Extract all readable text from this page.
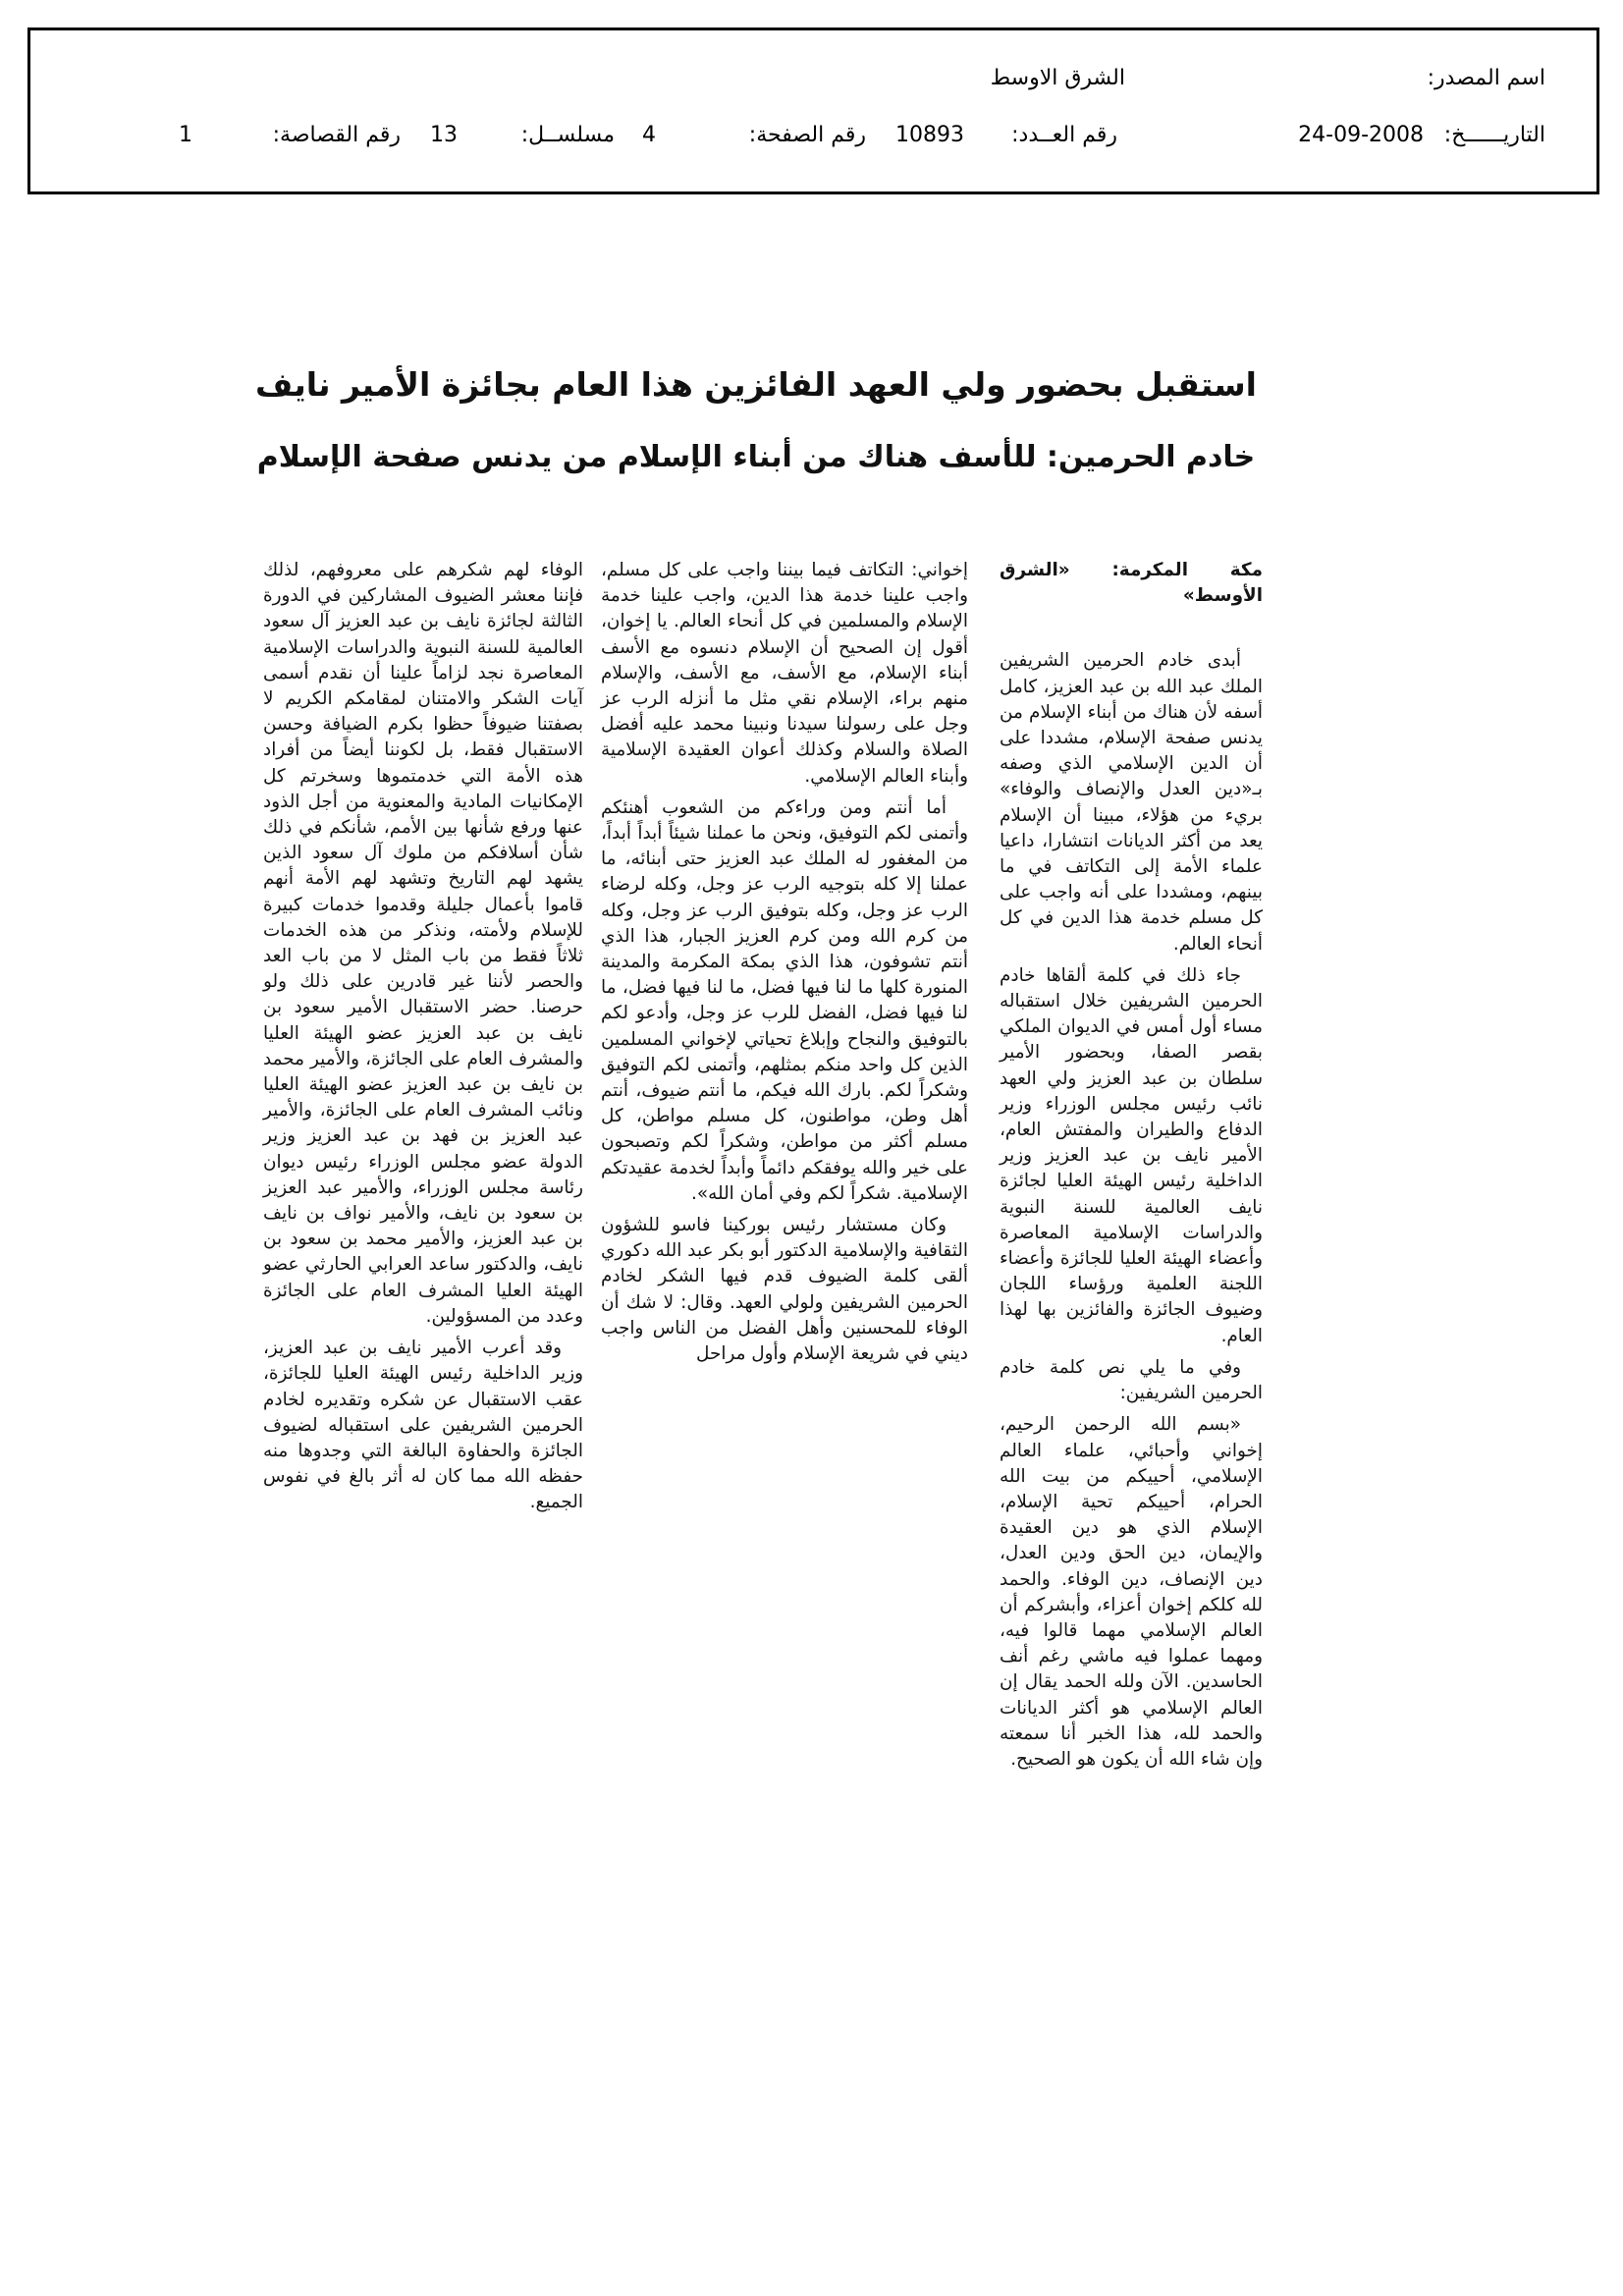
اسم المصدر:
الشرق الاوسط
التاريــــــخ:
24-09-2008
رقم العــدد:
10893
رقم الصفحة:
4
مسلســل:
13
رقم القصاصة:
1
استقبل بحضور ولي العهد الفائزين هذا العام بجائزة الأمير نايف
خادم الحرمين: للأسف هناك من أبناء الإسلام من يدنس صفحة الإسلام

مكة المكرمة: «الشرق الأوسط»

أبدى خادم الحرمين الشريفين الملك عبد الله بن عبد العزيز، كامل أسفه لأن هناك من أبناء الإسلام من يدنس صفحة الإسلام، مشددا على أن الدين الإسلامي الذي وصفه بـ«دين العدل والإنصاف والوفاء» بريء من هؤلاء، مبينا أن الإسلام يعد من أكثر الديانات انتشارا، داعيا علماء الأمة إلى التكاتف في ما بينهم، ومشددا على أنه واجب على كل مسلم خدمة هذا الدين في كل أنحاء العالم.

جاء ذلك في كلمة ألقاها خادم الحرمين الشريفين خلال استقباله مساء أول أمس في الديوان الملكي بقصر الصفا، وبحضور الأمير سلطان بن عبد العزيز ولي العهد نائب رئيس مجلس الوزراء وزير الدفاع والطيران والمفتش العام، الأمير نايف بن عبد العزيز وزير الداخلية رئيس الهيئة العليا لجائزة نايف العالمية للسنة النبوية والدراسات الإسلامية المعاصرة وأعضاء الهيئة العليا للجائزة وأعضاء اللجنة العلمية ورؤساء اللجان وضيوف الجائزة والفائزين بها لهذا العام.

وفي ما يلي نص كلمة خادم الحرمين الشريفين:

«بسم الله الرحمن الرحيم، إخواني وأحبائي، علماء العالم الإسلامي، أحييكم من بيت الله الحرام، أحييكم تحية الإسلام، الإسلام الذي هو دين العقيدة والإيمان، دين الحق ودين العدل، دين الإنصاف، دين الوفاء. والحمد لله كلكم إخوان أعزاء، وأبشركم أن العالم الإسلامي مهما قالوا فيه، ومهما عملوا فيه ماشي رغم أنف الحاسدين. الآن ولله الحمد يقال إن العالم الإسلامي هو أكثر الديانات والحمد لله، هذا الخبر أنا سمعته وإن شاء الله أن يكون هو الصحيح.

إخواني: التكاتف فيما بيننا واجب على كل مسلم، واجب علينا خدمة هذا الدين، واجب علينا خدمة الإسلام والمسلمين في كل أنحاء العالم. يا إخوان، أقول إن الصحيح أن الإسلام دنسوه مع الأسف أبناء الإسلام، مع الأسف، مع الأسف، والإسلام منهم براء، الإسلام نقي مثل ما أنزله الرب عز وجل على رسولنا سيدنا ونبينا محمد عليه أفضل الصلاة والسلام وكذلك أعوان العقيدة الإسلامية وأبناء العالم الإسلامي.

أما أنتم ومن وراءكم من الشعوب أهنئكم وأتمنى لكم التوفيق، ونحن ما عملنا شيئاً أبداً أبداً، من المغفور له الملك عبد العزيز حتى أبنائه، ما عملنا إلا كله بتوجيه الرب عز وجل، وكله لرضاء الرب عز وجل، وكله بتوفيق الرب عز وجل، وكله من كرم الله ومن كرم العزيز الجبار، هذا الذي أنتم تشوفون، هذا الذي بمكة المكرمة والمدينة المنورة كلها ما لنا فيها فضل، ما لنا فيها فضل، ما لنا فيها فضل، الفضل للرب عز وجل، وأدعو لكم بالتوفيق والنجاح وإبلاغ تحياتي لإخواني المسلمين الذين كل واحد منكم بمثلهم، وأتمنى لكم التوفيق وشكراً لكم. بارك الله فيكم، ما أنتم ضيوف، أنتم أهل وطن، مواطنون، كل مسلم مواطن، كل مسلم أكثر من مواطن، وشكراً لكم وتصبحون على خير والله يوفقكم دائماً وأبداً لخدمة عقيدتكم الإسلامية. شكراً لكم وفي أمان الله».

وكان مستشار رئيس بوركينا فاسو للشؤون الثقافية والإسلامية الدكتور أبو بكر عبد الله دكوري ألقى كلمة الضيوف قدم فيها الشكر لخادم الحرمين الشريفين ولولي العهد. وقال: لا شك أن الوفاء للمحسنين وأهل الفضل من الناس واجب ديني في شريعة الإسلام وأول مراحل

الوفاء لهم شكرهم على معروفهم، لذلك فإننا معشر الضيوف المشاركين في الدورة الثالثة لجائزة نايف بن عبد العزيز آل سعود العالمية للسنة النبوية والدراسات الإسلامية المعاصرة نجد لزاماً علينا أن نقدم أسمى آيات الشكر والامتنان لمقامكم الكريم لا بصفتنا ضيوفاً حظوا بكرم الضيافة وحسن الاستقبال فقط، بل لكوننا أيضاً من أفراد هذه الأمة التي خدمتموها وسخرتم كل الإمكانيات المادية والمعنوية من أجل الذود عنها ورفع شأنها بين الأمم، شأنكم في ذلك شأن أسلافكم من ملوك آل سعود الذين يشهد لهم التاريخ وتشهد لهم الأمة أنهم قاموا بأعمال جليلة وقدموا خدمات كبيرة للإسلام ولأمته، ونذكر من هذه الخدمات ثلاثاً فقط من باب المثل لا من باب العد والحصر لأننا غير قادرين على ذلك ولو حرصنا. حضر الاستقبال الأمير سعود بن نايف بن عبد العزيز عضو الهيئة العليا والمشرف العام على الجائزة، والأمير محمد بن نايف بن عبد العزيز عضو الهيئة العليا ونائب المشرف العام على الجائزة، والأمير عبد العزيز بن فهد بن عبد العزيز وزير الدولة عضو مجلس الوزراء رئيس ديوان رئاسة مجلس الوزراء، والأمير عبد العزيز بن سعود بن نايف، والأمير نواف بن نايف بن عبد العزيز، والأمير محمد بن سعود بن نايف، والدكتور ساعد العرابي الحارثي عضو الهيئة العليا المشرف العام على الجائزة وعدد من المسؤولين.

وقد أعرب الأمير نايف بن عبد العزيز، وزير الداخلية رئيس الهيئة العليا للجائزة، عقب الاستقبال عن شكره وتقديره لخادم الحرمين الشريفين على استقباله لضيوف الجائزة والحفاوة البالغة التي وجدوها منه حفظه الله مما كان له أثر بالغ في نفوس الجميع.
